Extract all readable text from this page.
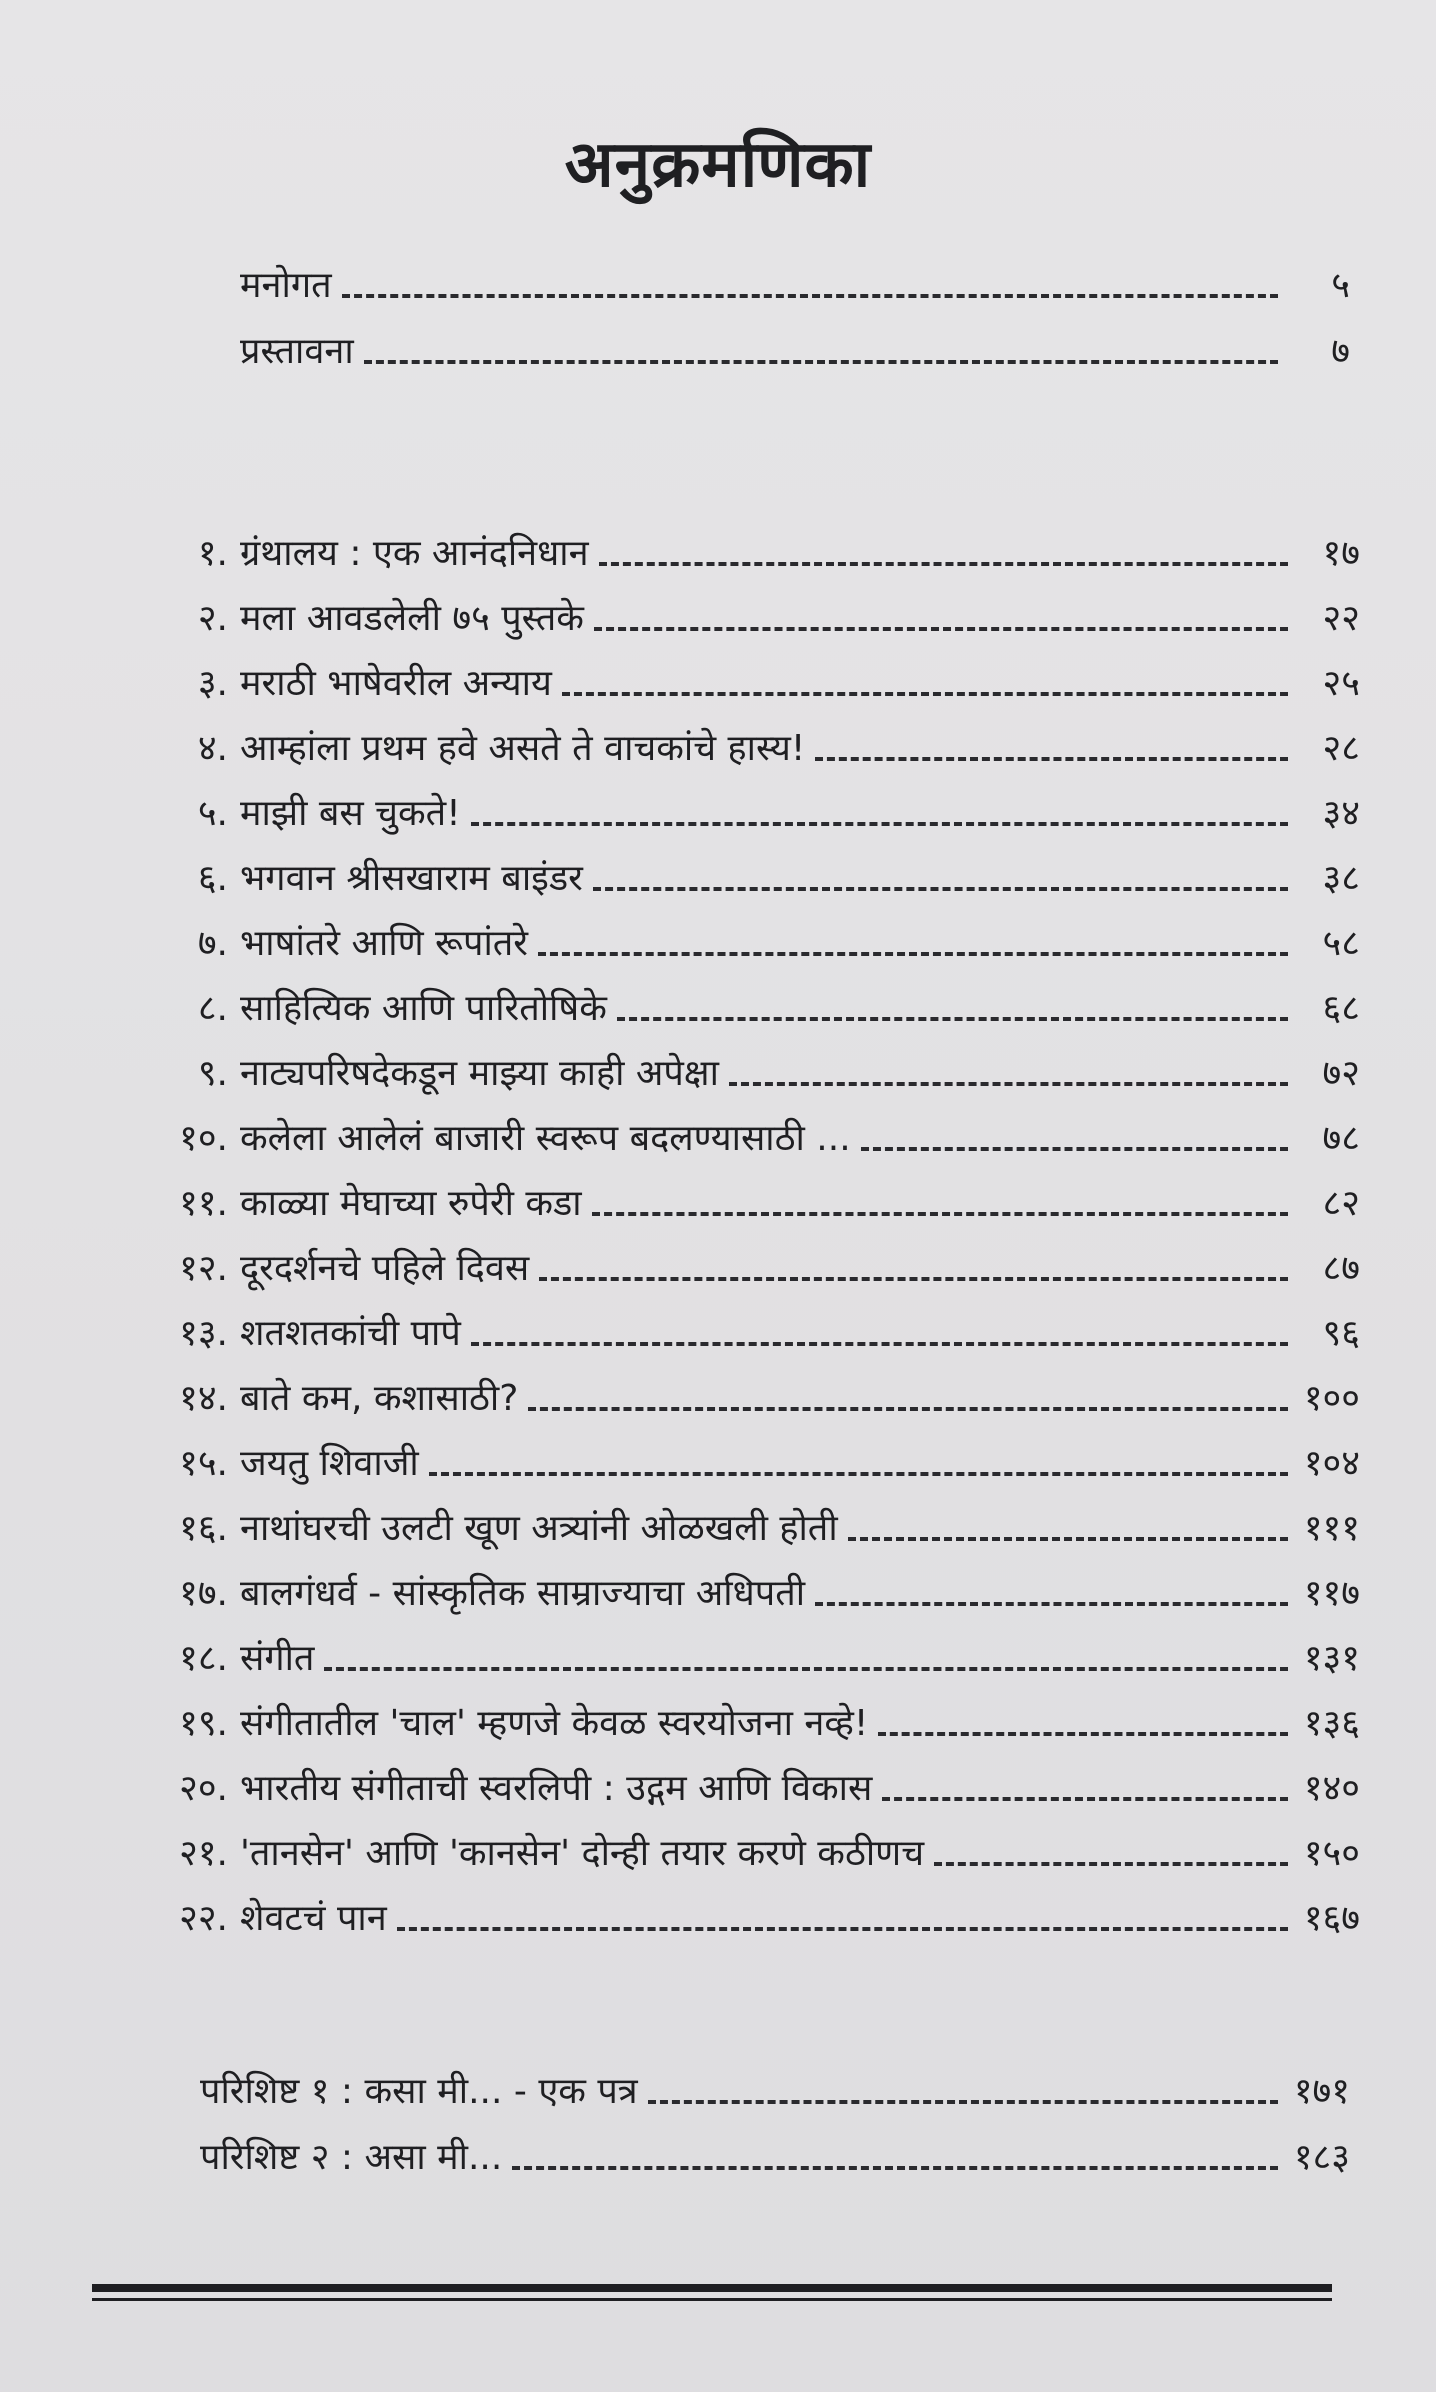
अनुक्रमणिका
मनोगत	५
प्रस्तावना	७
१. ग्रंथालय : एक आनंदनिधान	१७
२. मला आवडलेली ७५ पुस्तके	२२
३. मराठी भाषेवरील अन्याय	२५
४. आम्हांला प्रथम हवे असते ते वाचकांचे हास्य!	२८
५. माझी बस चुकते!	३४
६. भगवान श्रीसखाराम बाइंडर	३८
७. भाषांतरे आणि रूपांतरे	५८
८. साहित्यिक आणि पारितोषिके	६८
९. नाट्यपरिषदेकडून माझ्या काही अपेक्षा	७२
१०. कलेला आलेलं बाजारी स्वरूप बदलण्यासाठी ...	७८
११. काळ्या मेघाच्या रुपेरी कडा	८२
१२. दूरदर्शनचे पहिले दिवस	८७
१३. शतशतकांची पापे	९६
१४. बाते कम, कशासाठी?	१००
१५. जयतु शिवाजी	१०४
१६. नाथांघरची उलटी खूण अत्र्यांनी ओळखली होती	१११
१७. बालगंधर्व - सांस्कृतिक साम्राज्याचा अधिपती	११७
१८. संगीत	१३१
१९. संगीतातील 'चाल' म्हणजे केवळ स्वरयोजना नव्हे!	१३६
२०. भारतीय संगीताची स्वरलिपी : उद्गम आणि विकास	१४०
२१. 'तानसेन' आणि 'कानसेन' दोन्ही तयार करणे कठीणच	१५०
२२. शेवटचं पान	१६७
परिशिष्ट १ : कसा मी... - एक पत्र	१७१
परिशिष्ट २ : असा मी...	१८३
